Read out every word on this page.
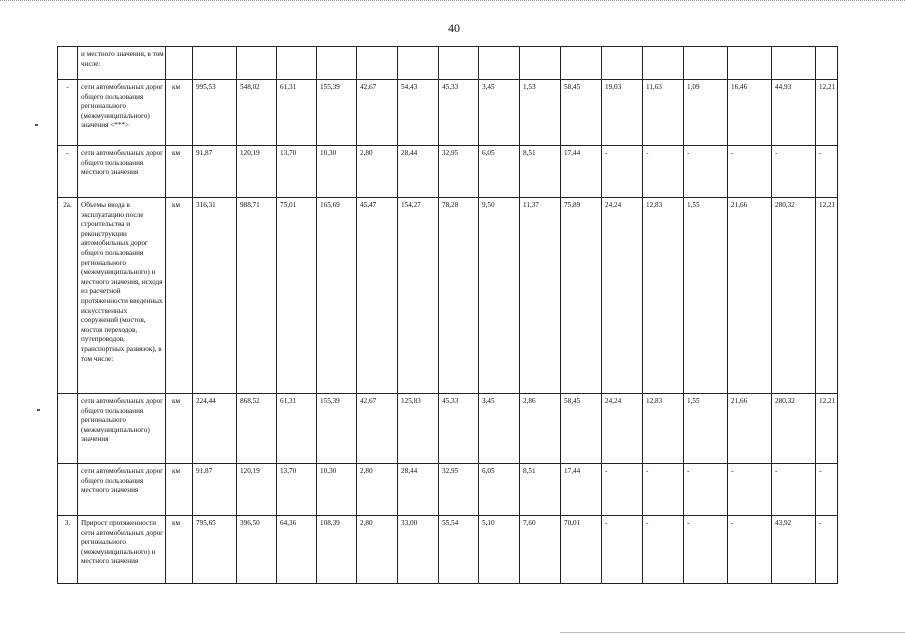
40
	и местного значения, в том числе:																	
-	сети автомобильных дорог общего пользования регионального (межмуниципального) значения <***>	км	995,53	548,02	61,31	155,39	42,67	54,43	45,33	3,45	1,53	58,45	19,03	11,63	1,09	16,46	44,93	12,21
-	сети автомобильных дорог общего пользования местного значения	км	91,87	120,19	13,70	10,30	2,80	28,44	32,95	6,05	8,51	17,44	-	-	-	-	-	-
2а.	Объемы ввода в эксплуатацию после строительства и реконструкции автомобильных дорог общего пользования регионального (межмуниципального) и местного значения, исходя из расчетной протяженности введенных искусственных сооружений (мостов, мостов переходов, путепроводов, транспортных развязок), в том числе:	км	316,31	988,71	75,01	165,69	45,47	154,27	78,28	9,50	11,37	75,89	24,24	12,83	1,55	21,66	280,32	12,21
	сети автомобильных дорог общего пользования регионального (межмуниципального) значения	км	224,44	868,52	61,31	155,39	42,67	125,83	45,33	3,45	2,86	58,45	24,24	12,83	1,55	21,66	280,32	12,21
	сети автомобильных дорог общего пользования местного значения	км	91,87	120,19	13,70	10,30	2,80	28,44	32,95	6,05	8,51	17,44	-	-	-	-	-	-
3.	Прирост протяженности сети автомобильных дорог регионального (межмуниципального) и местного значения	км	795,65	396,50	64,36	108,39	2,80	33,00	55,54	5,10	7,60	70,01	-	-	-	-	43,92	-
